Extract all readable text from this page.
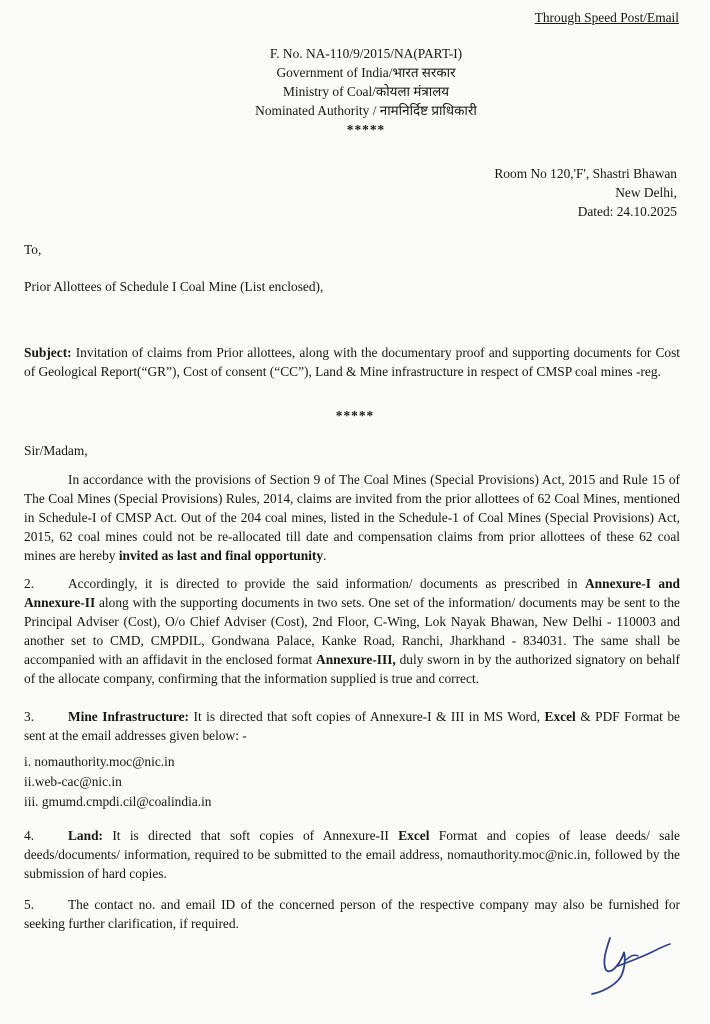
Through Speed Post/Email
F. No. NA-110/9/2015/NA(PART-I)
Government of India/भारत सरकार
Ministry of Coal/कोयला मंत्रालय
Nominated Authority / नामनिर्दिष्ट प्राधिकारी
*****
Room No 120,'F', Shastri Bhawan
New Delhi,
Dated: 24.10.2025
To,
Prior Allottees of Schedule I Coal Mine (List enclosed),
Subject: Invitation of claims from Prior allottees, along with the documentary proof and supporting documents for Cost of Geological Report(“GR”), Cost of consent (“CC”), Land & Mine infrastructure in respect of CMSP coal mines -reg.
*****
Sir/Madam,
In accordance with the provisions of Section 9 of The Coal Mines (Special Provisions) Act, 2015 and Rule 15 of The Coal Mines (Special Provisions) Rules, 2014, claims are invited from the prior allottees of 62 Coal Mines, mentioned in Schedule-I of CMSP Act. Out of the 204 coal mines, listed in the Schedule-1 of Coal Mines (Special Provisions) Act, 2015, 62 coal mines could not be re-allocated till date and compensation claims from prior allottees of these 62 coal mines are hereby invited as last and final opportunity.
2.	Accordingly, it is directed to provide the said information/ documents as prescribed in Annexure-I and Annexure-II along with the supporting documents in two sets. One set of the information/ documents may be sent to the Principal Adviser (Cost), O/o Chief Adviser (Cost), 2nd Floor, C-Wing, Lok Nayak Bhawan, New Delhi - 110003 and another set to CMD, CMPDIL, Gondwana Palace, Kanke Road, Ranchi, Jharkhand - 834031. The same shall be accompanied with an affidavit in the enclosed format Annexure-III, duly sworn in by the authorized signatory on behalf of the allocate company, confirming that the information supplied is true and correct.
3.	Mine Infrastructure: It is directed that soft copies of Annexure-I & III in MS Word, Excel & PDF Format be sent at the email addresses given below: -
i. nomauthority.moc@nic.in
ii.web-cac@nic.in
iii. gmumd.cmpdi.cil@coalindia.in
4.	Land: It is directed that soft copies of Annexure-II Excel Format and copies of lease deeds/ sale deeds/documents/ information, required to be submitted to the email address, nomauthority.moc@nic.in, followed by the submission of hard copies.
5.	The contact no. and email ID of the concerned person of the respective company may also be furnished for seeking further clarification, if required.
